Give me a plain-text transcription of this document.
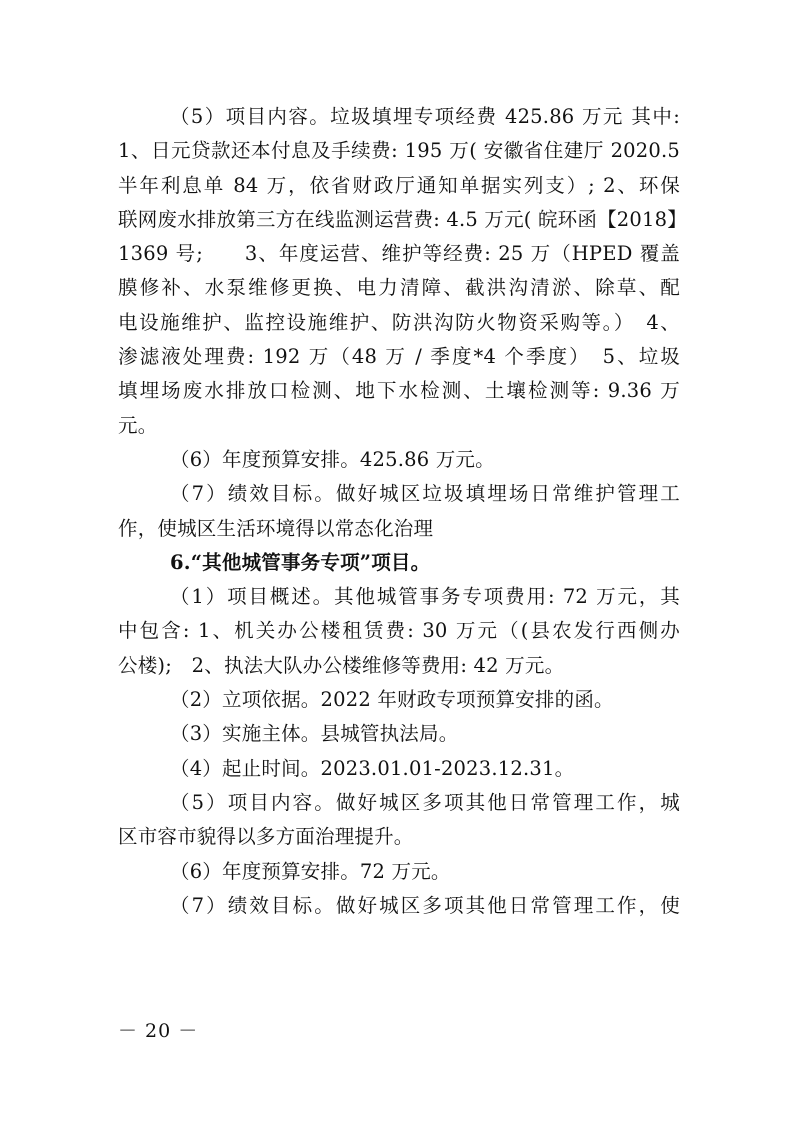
（5）项目内容。垃圾填埋专项经费 425.86 万元 其中:
1、日元贷款还本付息及手续费: 195 万( 安徽省住建厅 2020.5
半年利息单 84 万，依省财政厅通知单据实列支）; 2、环保
联网废水排放第三方在线监测运营费: 4.5 万元( 皖环函【2018】
1369 号;　　3、年度运营、维护等经费: 25 万（HPED 覆盖
膜修补、水泵维修更换、电力清障、截洪沟清淤、除草、配
电设施维护、监控设施维护、防洪沟防火物资采购等。）　4、
渗滤液处理费: 192 万（48 万 / 季度*4 个季度）　5、垃圾
填埋场废水排放口检测、地下水检测、土壤检测等: 9.36 万
元。
（6）年度预算安排。425.86 万元。
（7）绩效目标。做好城区垃圾填埋场日常维护管理工
作，使城区生活环境得以常态化治理
6.“其他城管事务专项”项目。
（1）项目概述。其他城管事务专项费用: 72 万元，其
中包含: 1、机关办公楼租赁费: 30 万元（(县农发行西侧办
公楼);　2、执法大队办公楼维修等费用: 42 万元。
（2）立项依据。2022 年财政专项预算安排的函。
（3）实施主体。县城管执法局。
（4）起止时间。2023.01.01-2023.12.31。
（5）项目内容。做好城区多项其他日常管理工作，城
区市容市貌得以多方面治理提升。
（6）年度预算安排。72 万元。
（7）绩效目标。做好城区多项其他日常管理工作，使
－ 20 －
